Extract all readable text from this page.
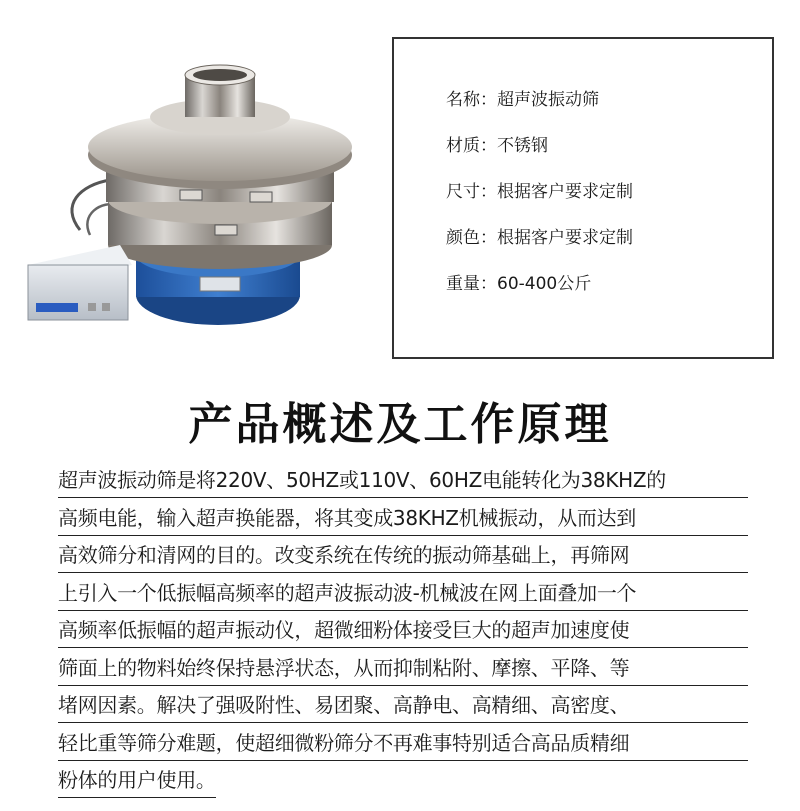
名称：超声波振动筛
材质：不锈钢
尺寸：根据客户要求定制
颜色：根据客户要求定制
重量：60-400公斤
产品概述及工作原理
超声波振动筛是将220V、50HZ或110V、60HZ电能转化为38KHZ的
高频电能，输入超声换能器，将其变成38KHZ机械振动，从而达到
高效筛分和清网的目的。改变系统在传统的振动筛基础上，再筛网
上引入一个低振幅高频率的超声波振动波-机械波在网上面叠加一个
高频率低振幅的超声振动仪，超微细粉体接受巨大的超声加速度使
筛面上的物料始终保持悬浮状态，从而抑制粘附、摩擦、平降、等
堵网因素。解决了强吸附性、易团聚、高静电、高精细、高密度、
轻比重等筛分难题，使超细微粉筛分不再难事特别适合高品质精细
粉体的用户使用。
